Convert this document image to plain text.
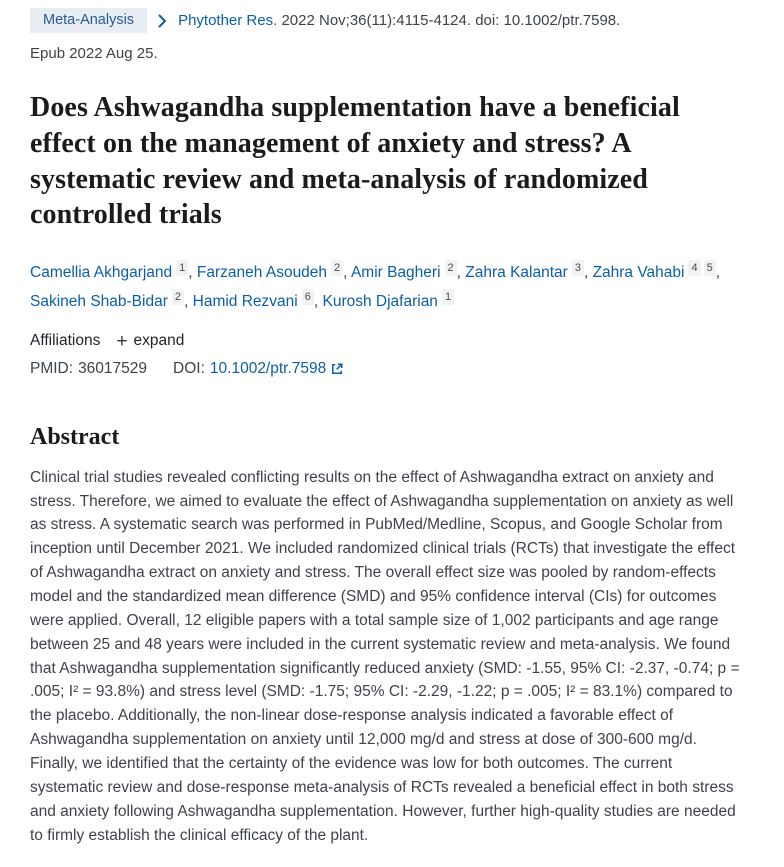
Meta-Analysis	Phytother Res. 2022 Nov;36(11):4115-4124. doi: 10.1002/ptr.7598.
Epub 2022 Aug 25.
Does Ashwagandha supplementation have a beneficial effect on the management of anxiety and stress? A systematic review and meta-analysis of randomized controlled trials
Camellia Akhgarjand $^1$ , Farzaneh Asoudeh $^2$ , Amir Bagheri $^2$ , Zahra Kalantar $^3$ , Zahra Vahabi $^4$ $^5$ , Sakineh Shab-Bidar $^2$ , Hamid Rezvani $^6$ , Kurosh Djafarian $^1$
Affiliations + expand
PMID: 36017529 DOI: 10.1002/ptr.7598
Abstract

Clinical trial studies revealed conflicting results on the effect of Ashwagandha extract on anxiety and stress. Therefore, we aimed to evaluate the effect of Ashwagandha supplementation on anxiety as well as stress. A systematic search was performed in PubMed/Medline, Scopus, and Google Scholar from inception until December 2021. We included randomized clinical trials (RCTs) that investigate the effect of Ashwagandha extract on anxiety and stress. The overall effect size was pooled by random-effects model and the standardized mean difference (SMD) and 95% confidence interval (CIs) for outcomes were applied. Overall, 12 eligible papers with a total sample size of 1,002 participants and age range between 25 and 48 years were included in the current systematic review and meta-analysis. We found that Ashwagandha supplementation significantly reduced anxiety (SMD: -1.55, 95% CI: -2.37, -0.74; p = .005; I² = 93.8%) and stress level (SMD: -1.75; 95% CI: -2.29, -1.22; p = .005; I² = 83.1%) compared to the placebo. Additionally, the non-linear dose-response analysis indicated a favorable effect of Ashwagandha supplementation on anxiety until 12,000 mg/d and stress at dose of 300-600 mg/d. Finally, we identified that the certainty of the evidence was low for both outcomes. The current systematic review and dose-response meta-analysis of RCTs revealed a beneficial effect in both stress and anxiety following Ashwagandha supplementation. However, further high-quality studies are needed to firmly establish the clinical efficacy of the plant.
